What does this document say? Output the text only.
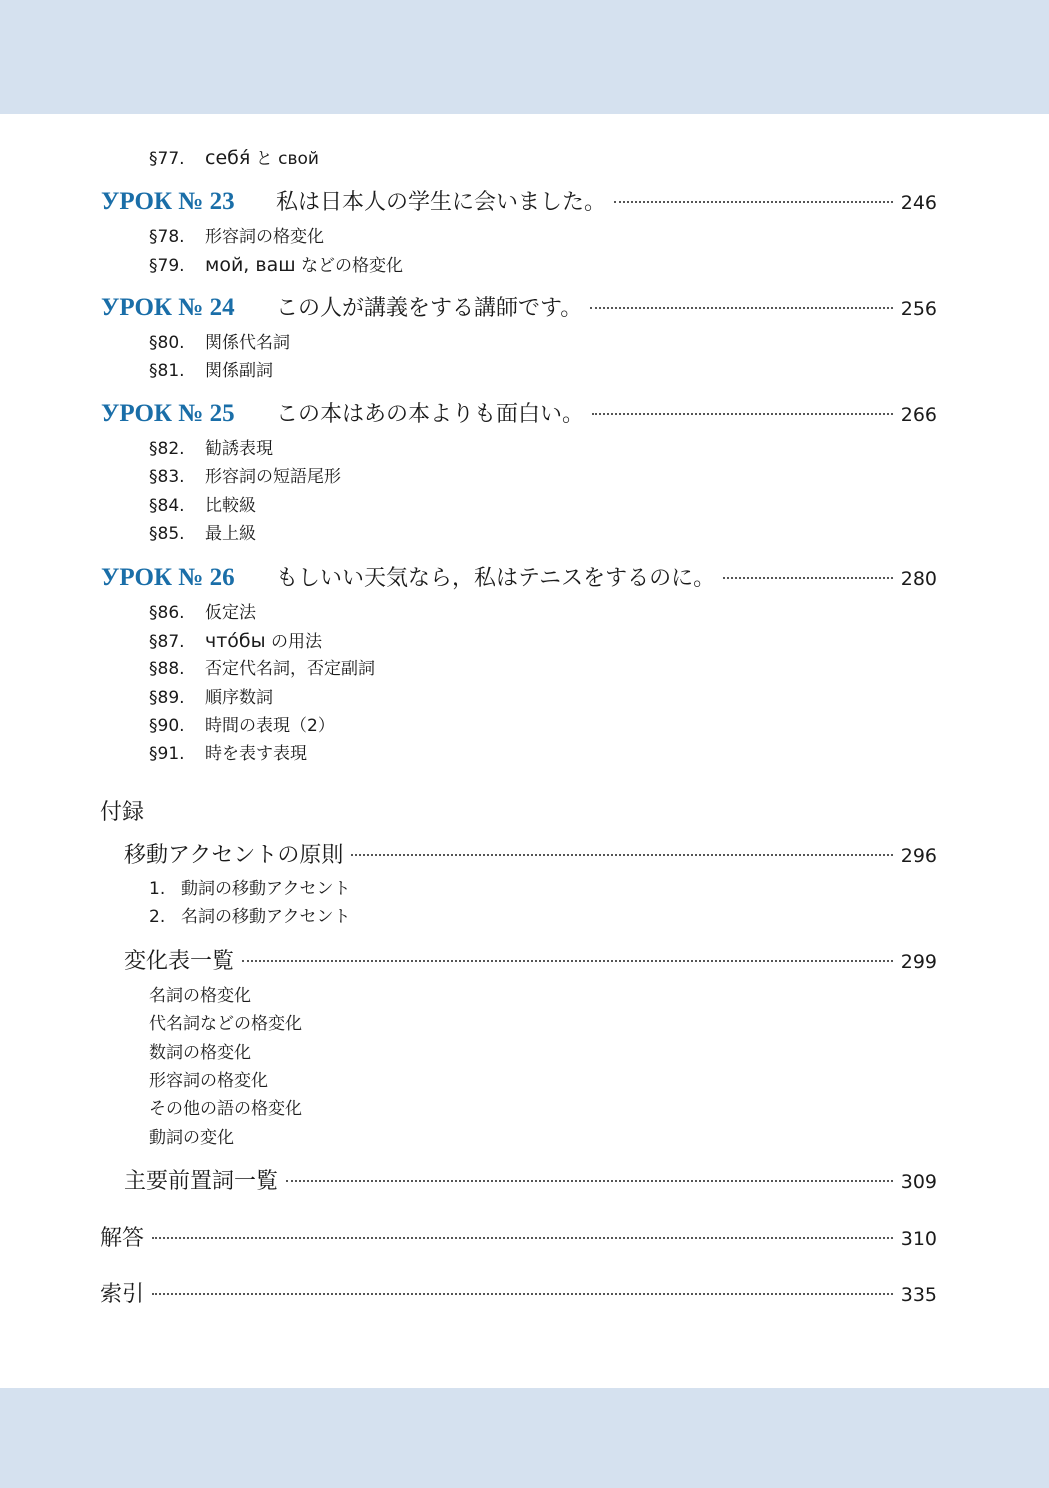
§77. себя́ と свой
УРОК № 23	私は日本人の学生に会いました。	246
§78. 形容詞の格変化
§79. мой, ваш などの格変化
УРОК № 24	この人が講義をする講師です。	256
§80. 関係代名詞
§81. 関係副詞
УРОК № 25	この本はあの本よりも面白い。	266
§82. 勧誘表現
§83. 形容詞の短語尾形
§84. 比較級
§85. 最上級
УРОК № 26	もしいい天気なら，私はテニスをするのに。	280
§86. 仮定法
§87. что́бы の用法
§88. 否定代名詞，否定副詞
§89. 順序数詞
§90. 時間の表現（2）
§91. 時を表す表現
付録
移動アクセントの原則	296
1. 動詞の移動アクセント
2. 名詞の移動アクセント
変化表一覧	299
名詞の格変化
代名詞などの格変化
数詞の格変化
形容詞の格変化
その他の語の格変化
動詞の変化
主要前置詞一覧	309
解答	310
索引	335
